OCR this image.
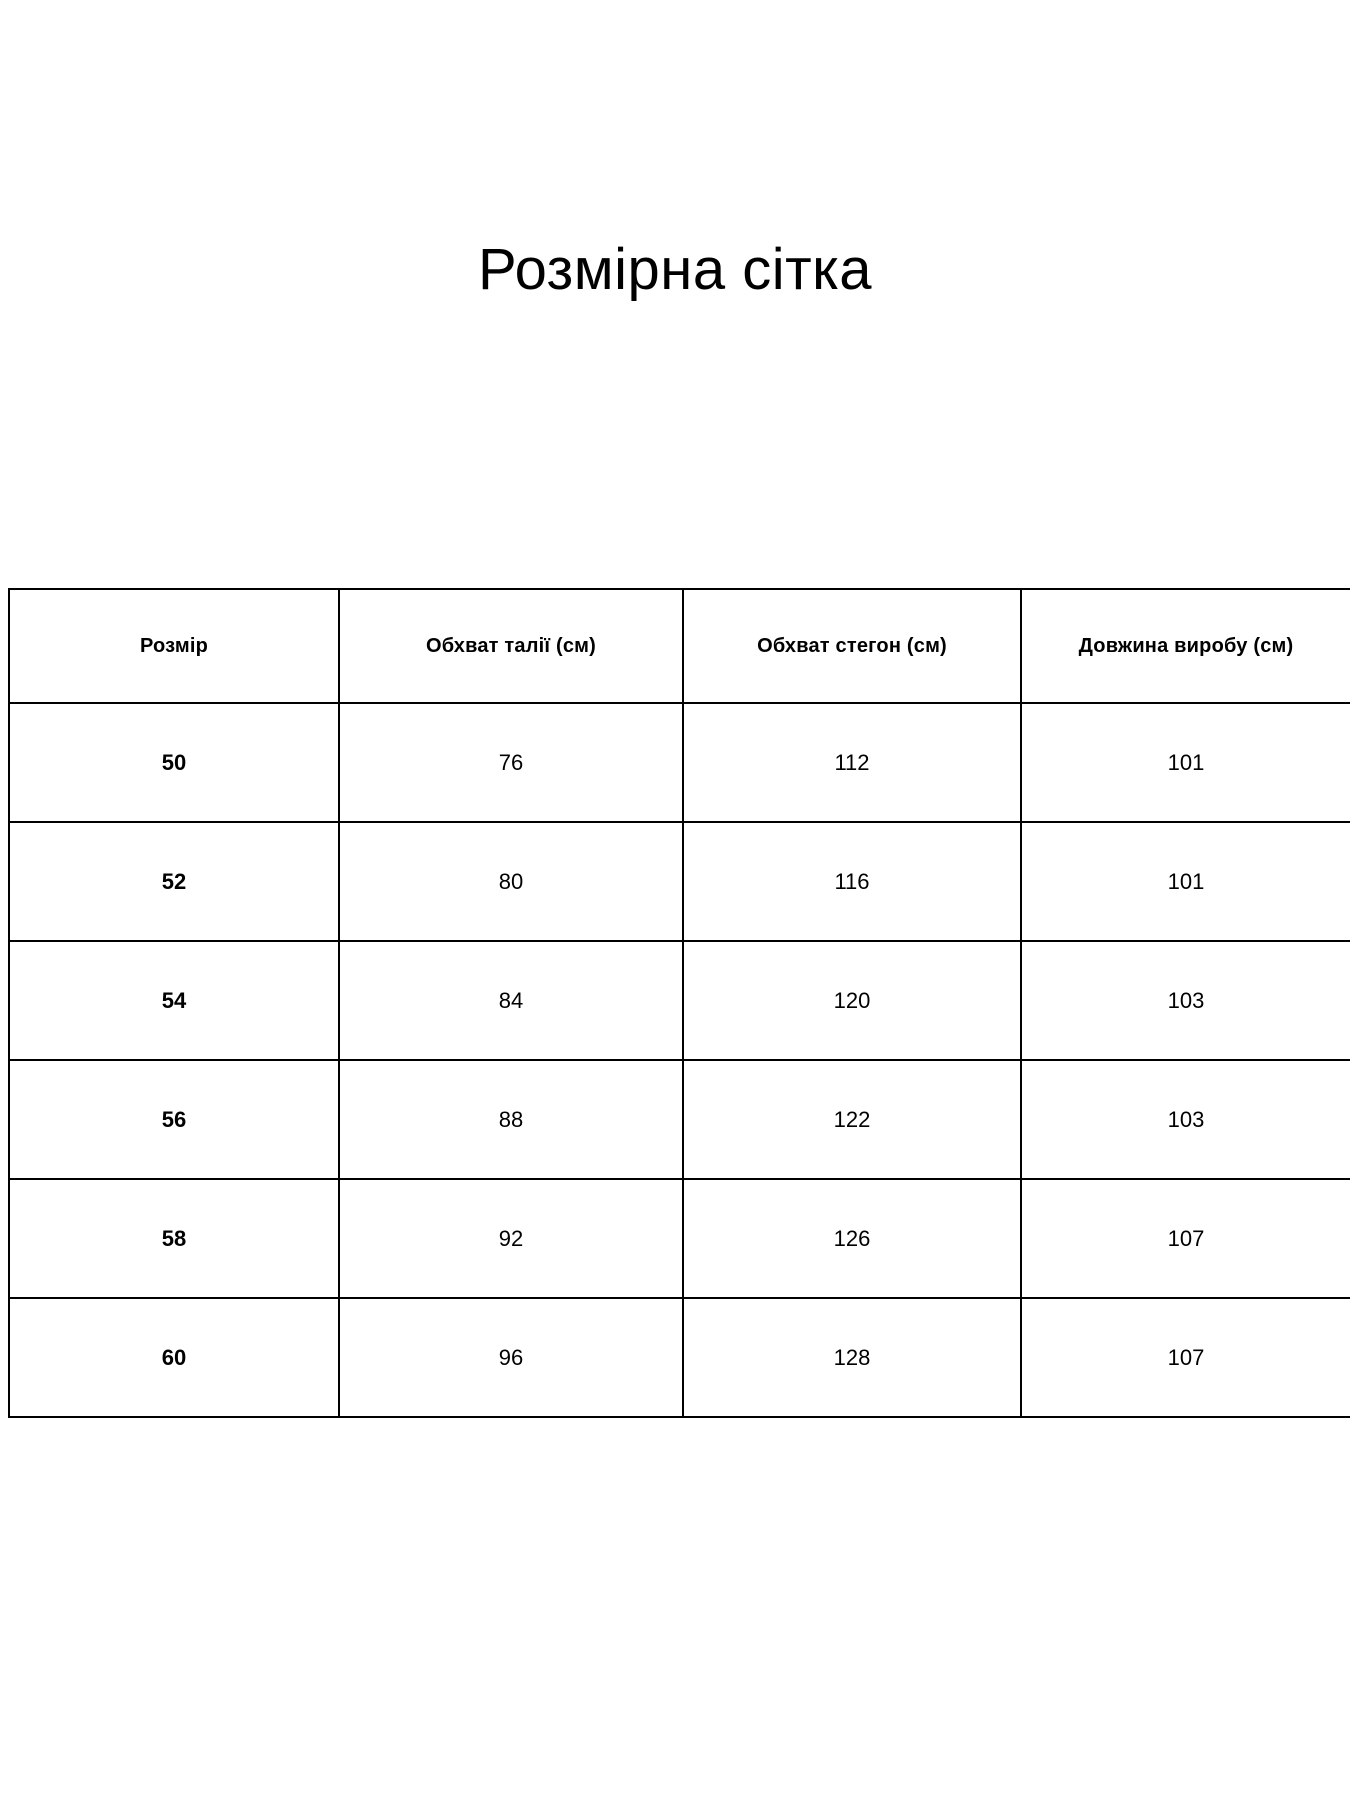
Розмірна сітка
Розмір	Обхват талії (см)	Обхват стегон (см)	Довжина виробу (см)
50	76	112	101
52	80	116	101
54	84	120	103
56	88	122	103
58	92	126	107
60	96	128	107
